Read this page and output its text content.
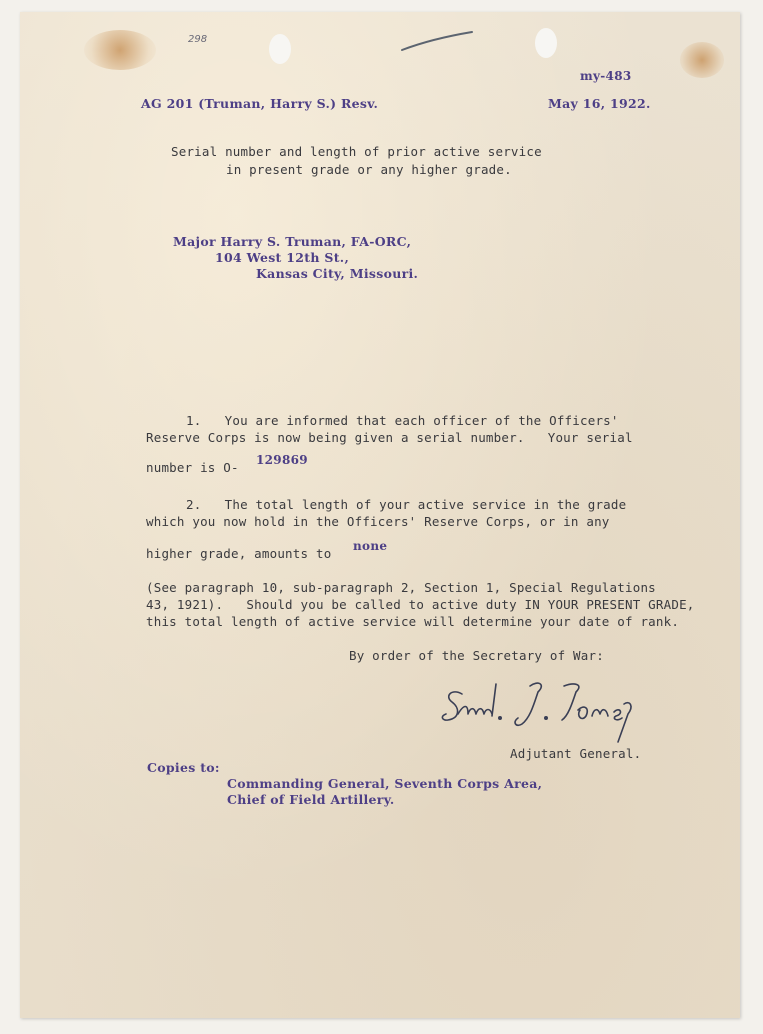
298
my-483
AG 201 (Truman, Harry S.) Resv.	May 16, 1922.
Serial number and length of prior active service
in present grade or any higher grade.
Major Harry S. Truman, FA-ORC,
104 West 12th St.,
Kansas City, Missouri.
1.   You are informed that each officer of the Officers'
Reserve Corps is now being given a serial number.   Your serial
number is O- 129869
2.   The total length of your active service in the grade
which you now hold in the Officers' Reserve Corps, or in any
higher grade, amounts to none
(See paragraph 10, sub-paragraph 2, Section 1, Special Regulations
43, 1921).   Should you be called to active duty IN YOUR PRESENT GRADE,
this total length of active service will determine your date of rank.
By order of the Secretary of War:
Adjutant General.
Copies to:
Commanding General, Seventh Corps Area,
Chief of Field Artillery.
